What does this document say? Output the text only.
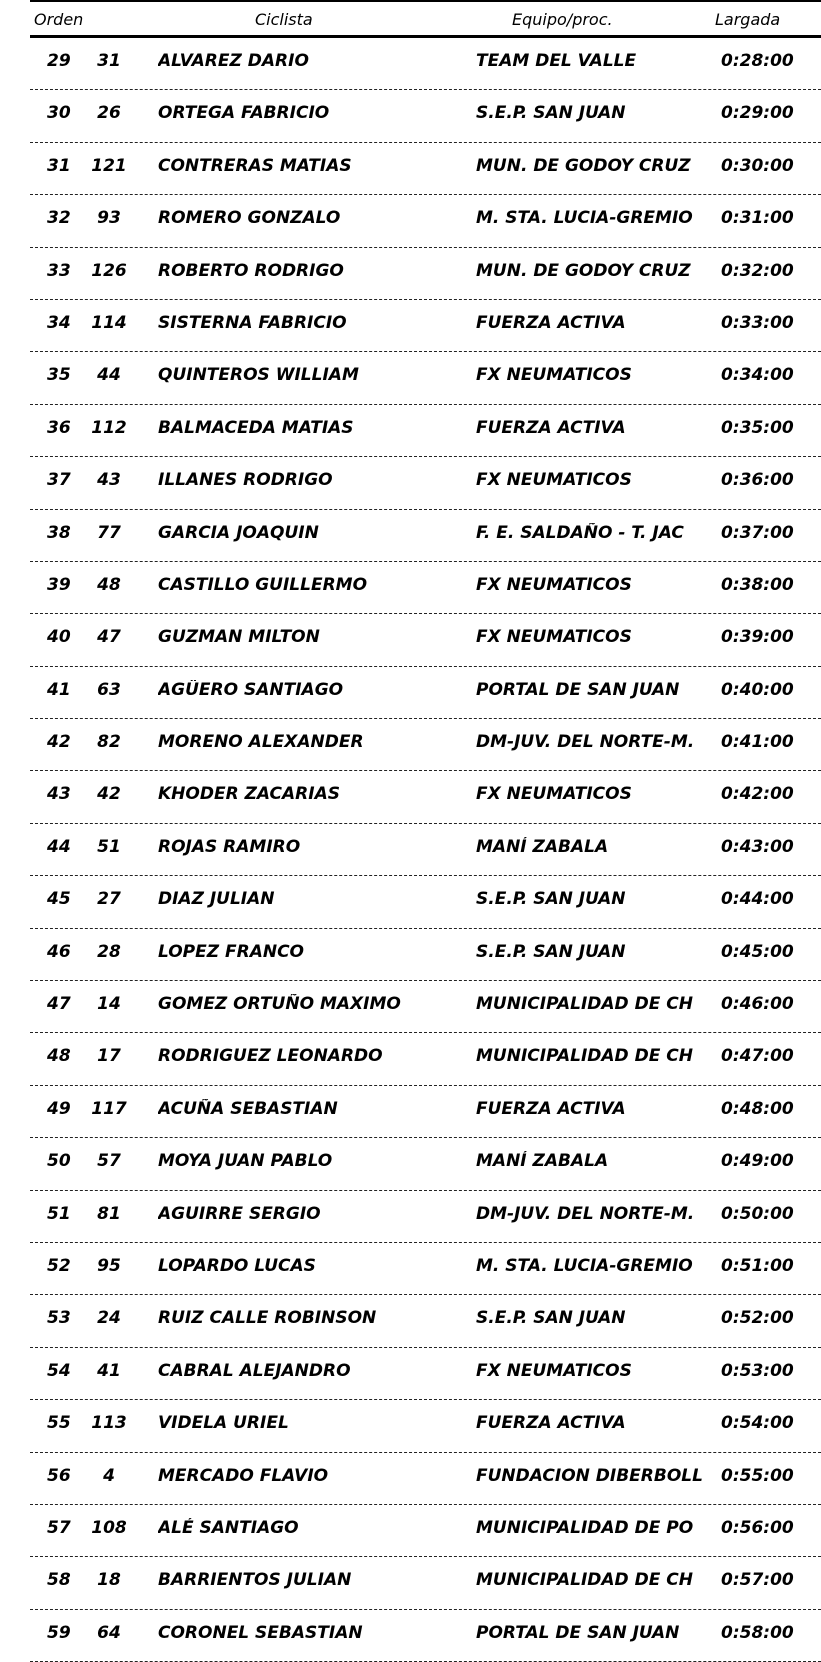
Orden	Ciclista	Equipo/proc.	Largada
29	31	ALVAREZ DARIO	TEAM DEL VALLE	0:28:00
30	26	ORTEGA FABRICIO	S.E.P. SAN JUAN	0:29:00
31	121	CONTRERAS MATIAS	MUN. DE GODOY CRUZ	0:30:00
32	93	ROMERO GONZALO	M. STA. LUCIA-GREMIO	0:31:00
33	126	ROBERTO RODRIGO	MUN. DE GODOY CRUZ	0:32:00
34	114	SISTERNA FABRICIO	FUERZA ACTIVA	0:33:00
35	44	QUINTEROS WILLIAM	FX NEUMATICOS	0:34:00
36	112	BALMACEDA MATIAS	FUERZA ACTIVA	0:35:00
37	43	ILLANES RODRIGO	FX NEUMATICOS	0:36:00
38	77	GARCIA JOAQUIN	F. E. SALDAÑO - T. JAC	0:37:00
39	48	CASTILLO GUILLERMO	FX NEUMATICOS	0:38:00
40	47	GUZMAN MILTON	FX NEUMATICOS	0:39:00
41	63	AGÜERO SANTIAGO	PORTAL DE SAN JUAN	0:40:00
42	82	MORENO ALEXANDER	DM-JUV. DEL NORTE-M.	0:41:00
43	42	KHODER ZACARIAS	FX NEUMATICOS	0:42:00
44	51	ROJAS RAMIRO	MANÍ ZABALA	0:43:00
45	27	DIAZ JULIAN	S.E.P. SAN JUAN	0:44:00
46	28	LOPEZ FRANCO	S.E.P. SAN JUAN	0:45:00
47	14	GOMEZ ORTUÑO MAXIMO	MUNICIPALIDAD DE CH	0:46:00
48	17	RODRIGUEZ LEONARDO	MUNICIPALIDAD DE CH	0:47:00
49	117	ACUÑA SEBASTIAN	FUERZA ACTIVA	0:48:00
50	57	MOYA JUAN PABLO	MANÍ ZABALA	0:49:00
51	81	AGUIRRE SERGIO	DM-JUV. DEL NORTE-M.	0:50:00
52	95	LOPARDO LUCAS	M. STA. LUCIA-GREMIO	0:51:00
53	24	RUIZ CALLE ROBINSON	S.E.P. SAN JUAN	0:52:00
54	41	CABRAL ALEJANDRO	FX NEUMATICOS	0:53:00
55	113	VIDELA URIEL	FUERZA ACTIVA	0:54:00
56	4	MERCADO FLAVIO	FUNDACION DIBERBOLL	0:55:00
57	108	ALÉ SANTIAGO	MUNICIPALIDAD DE PO	0:56:00
58	18	BARRIENTOS JULIAN	MUNICIPALIDAD DE CH	0:57:00
59	64	CORONEL SEBASTIAN	PORTAL DE SAN JUAN	0:58:00
